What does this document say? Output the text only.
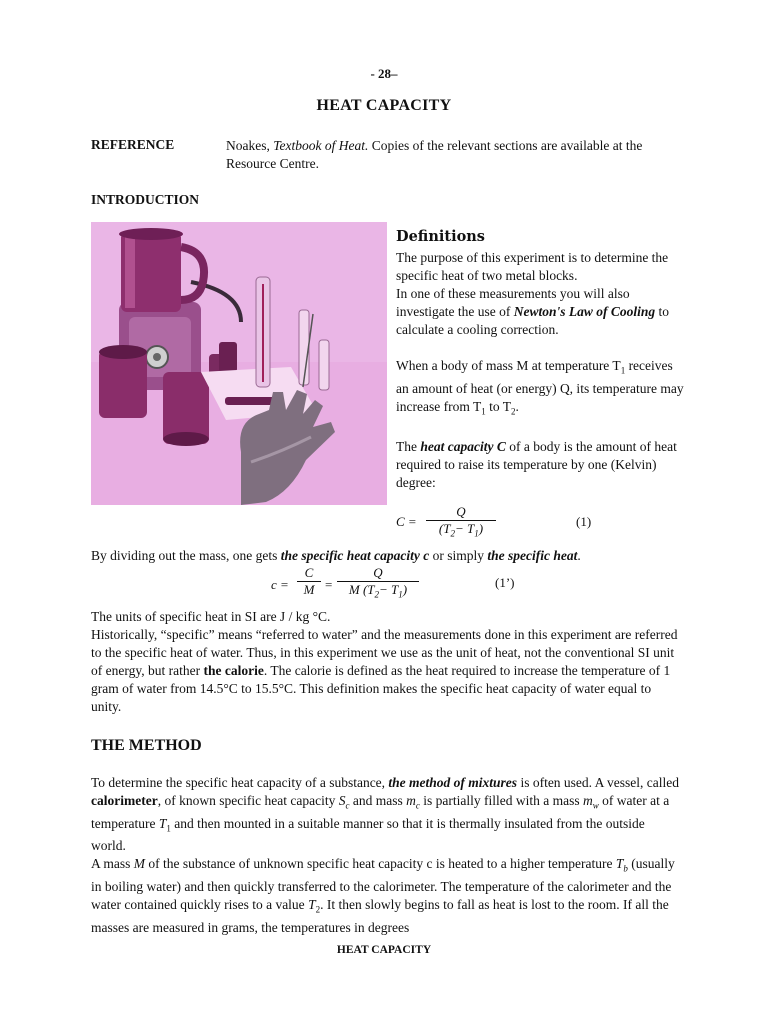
- 28–
HEAT CAPACITY
REFERENCE	Noakes, Textbook of Heat. Copies of the relevant sections are available at the Resource Centre.
INTRODUCTION
Definitions

The purpose of this experiment is to determine the specific heat of two metal blocks.

In one of these measurements you will also investigate the use of Newton's Law of Cooling to calculate a cooling correction.

When a body of mass M at temperature $T_1$ receives an amount of heat (or energy) Q, its temperature may increase from $T_1$ to $T_2$.

The heat capacity C of a body is the amount of heat required to raise its temperature by one (Kelvin) degree:

$C = \frac{Q}{(T_2- T_1)}$	(1)
By dividing out the mass, one gets the specific heat capacity c or simply the specific heat.
$c = \frac{C}{M} = \frac{Q}{M (T_2- T_1)}$	(1’)

The units of specific heat in SI are J / kg °C.

Historically, “specific” means “referred to water” and the measurements done in this experiment are referred to the specific heat of water. Thus, in this experiment we use as the unit of heat, not the conventional SI unit of energy, but rather the calorie. The calorie is defined as the heat required to increase the temperature of 1 gram of water from 14.5°C to 15.5°C. This definition makes the specific heat capacity of water equal to unity.

THE METHOD

To determine the specific heat capacity of a substance, the method of mixtures is often used. A vessel, called calorimeter, of known specific heat capacity $S_c$ and mass $m_c$ is partially filled with a mass $m_w$ of water at a temperature $T_1$ and then mounted in a suitable manner so that it is thermally insulated from the outside world.

A mass M of the substance of unknown specific heat capacity c is heated to a higher temperature $T_b$ (usually in boiling water) and then quickly transferred to the calorimeter. The temperature of the calorimeter and the water contained quickly rises to a value $T_2$. It then slowly begins to fall as heat is lost to the room. If all the masses are measured in grams, the temperatures in degrees

HEAT CAPACITY
